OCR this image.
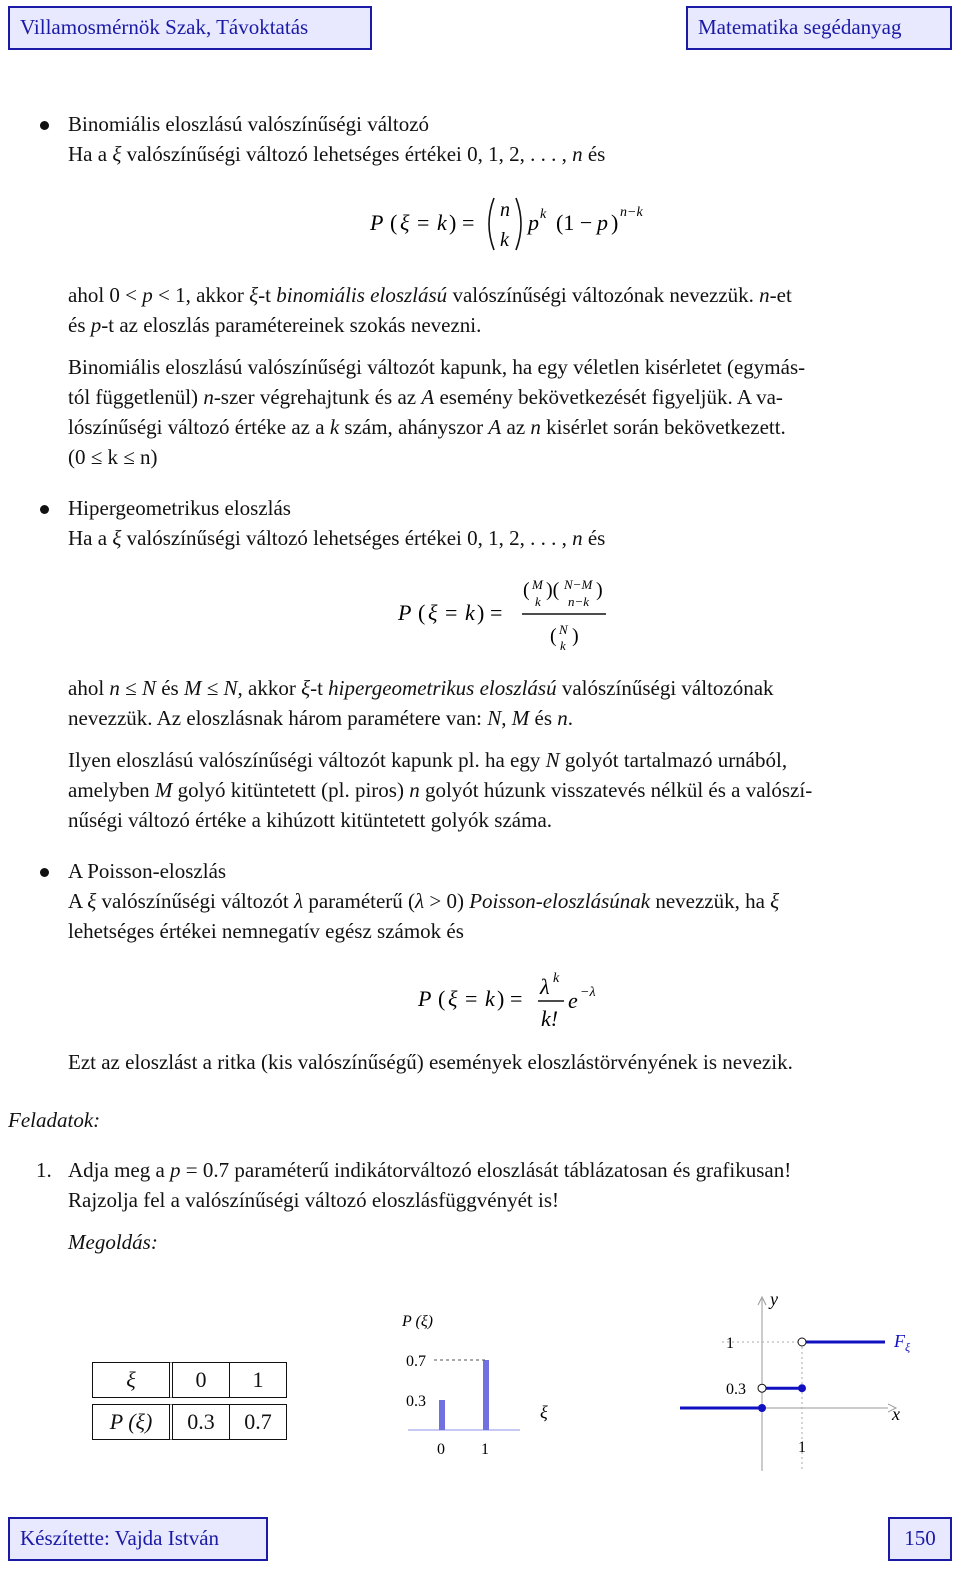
Villamosmérnök Szak, Távoktatás	Matematika segédanyag
Binomiális eloszlású valószínűségi változó
Ha a ξ valószínűségi változó lehetséges értékei 0, 1, 2, . . . , n és
P ( ξ = k ) = n
k
p k (1 − p ) n−k
ahol 0 < p < 1, akkor ξ-t binomiális eloszlású valószínűségi változónak nevezzük. n-et
és p-t az eloszlás paramétereinek szokás nevezni.
Binomiális eloszlású valószínűségi változót kapunk, ha egy véletlen kisérletet (egymás-
tól függetlenül) n-szer végrehajtunk és az A esemény bekövetkezését figyeljük. A va-
lószínűségi változó értéke az a k szám, ahányszor A az n kisérlet során bekövetkezett.
(0 ≤ k ≤ n)
Hipergeometrikus eloszlás
Ha a ξ valószínűségi változó lehetséges értékei 0, 1, 2, . . . , n és
P ( ξ = k ) =
( M
k
)( N−M
n−k
)
( N
k )
ahol n ≤ N és M ≤ N, akkor ξ-t hipergeometrikus eloszlású valószínűségi változónak
nevezzük. Az eloszlásnak három paramétere van: N, M és n.
Ilyen eloszlású valószínűségi változót kapunk pl. ha egy N golyót tartalmazó urnából,
amelyben M golyó kitüntetett (pl. piros) n golyót húzunk visszatevés nélkül és a valószí-
nűségi változó értéke a kihúzott kitüntetett golyók száma.
A Poisson-eloszlás
A ξ valószínűségi változót λ paraméterű (λ > 0) Poisson-eloszlásúnak nevezzük, ha ξ
lehetséges értékei nemnegatív egész számok és
P ( ξ = k ) = λ k
k!
e −λ
Ezt az eloszlást a ritka (kis valószínűségű) események eloszlástörvényének is nevezik.
Feladatok:
1. Adja meg a p = 0.7 paraméterű indikátorváltozó eloszlását táblázatosan és grafikusan!
Rajzolja fel a valószínűségi változó eloszlásfüggvényét is!
Megoldás:
ξ	0	1
P (ξ)	0.3	0.7
P (ξ)
ξ
0 1
0.3
0.7
0.3
1
1
y
x
$F_\xi$
Készítette: Vajda István	150
